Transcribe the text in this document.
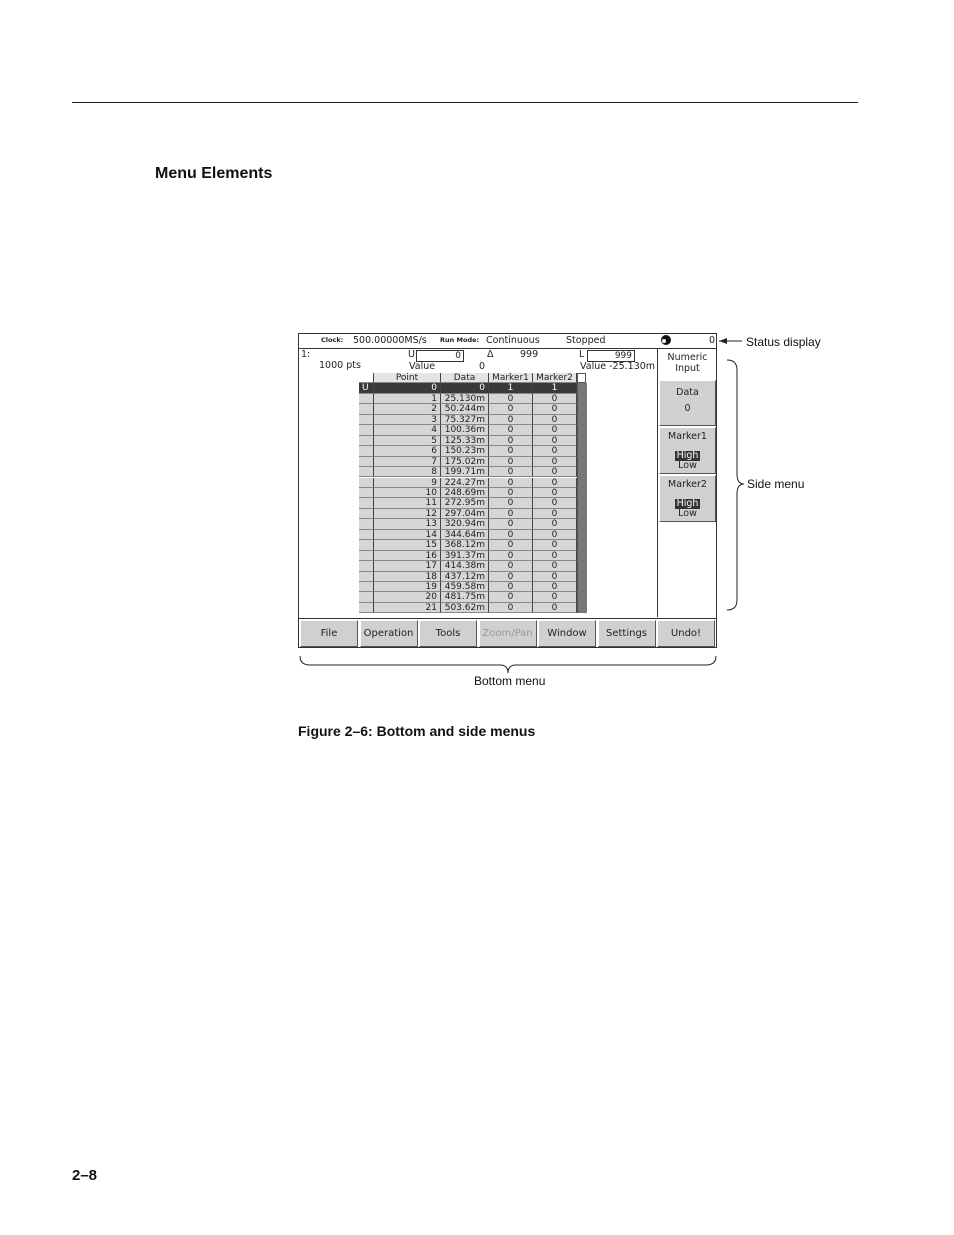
Menu Elements
Clock: 500.00000MS/s Run Mode: Continuous	Stopped	0
1:
1000 pts
U	0	Δ	999	L	999
Value	0	Value -25.130m
Point	Data	Marker1 Marker2
U	0	0	1	1
1 25.130m	0	0
2 50.244m	0	0
3 75.327m	0	0
4 100.36m	0	0
5 125.33m	0	0
6 150.23m	0	0
7 175.02m	0	0
8 199.71m	0	0
9 224.27m	0	0
10 248.69m	0	0
11 272.95m	0	0
12 297.04m	0	0
13 320.94m	0	0
14 344.64m	0	0
15 368.12m	0	0
16 391.37m	0	0
17 414.38m	0	0
18 437.12m	0	0
19 459.58m	0	0
20 481.75m	0	0
21 503.62m	0	0
Numeric
Input
Data
0
Marker1
High
Low
Marker2
High
Low
File	Operation	Tools	Zoom/Pan	Window	Settings	Undo!
Status display
Side menu
Bottom menu
Figure 2–6: Bottom and side menus
2–8
